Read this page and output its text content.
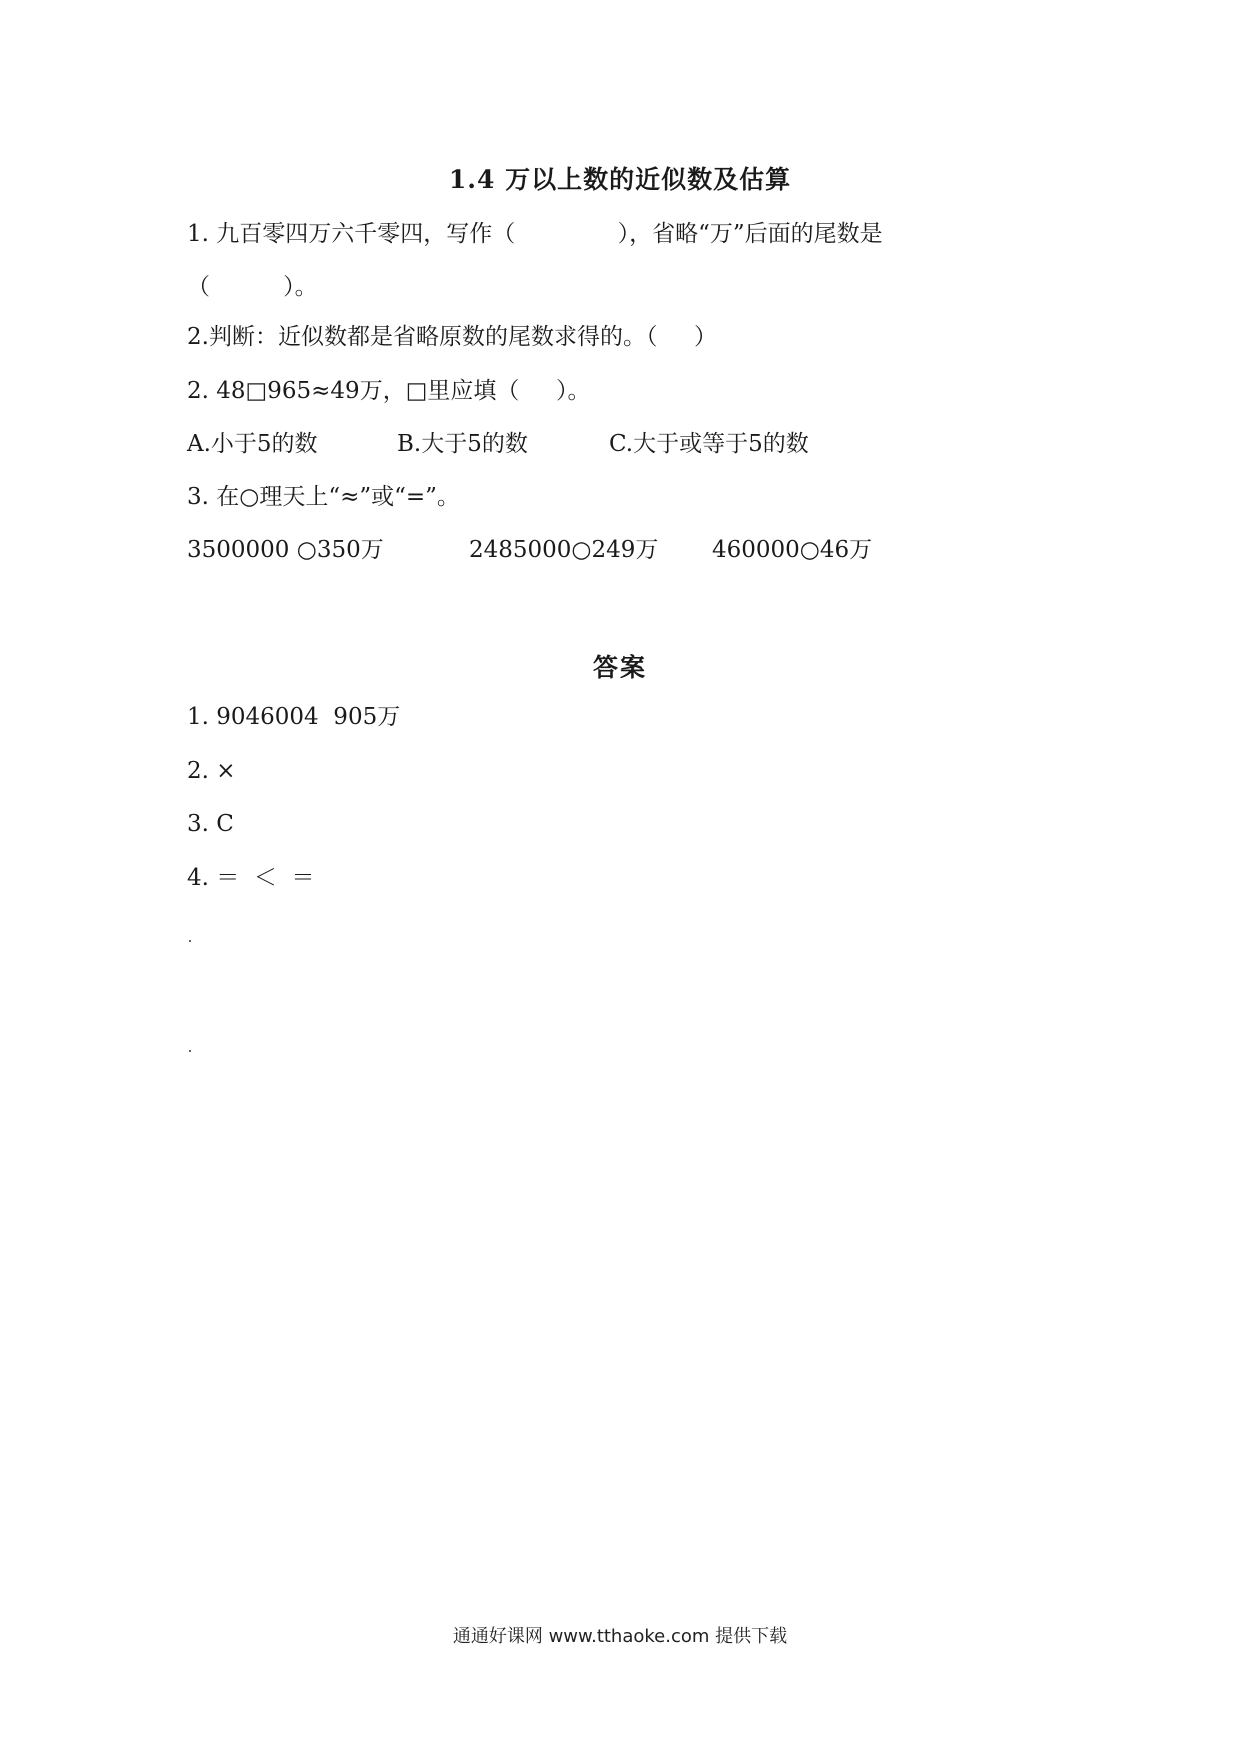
1.4 万以上数的近似数及估算
1. 九百零四万六千零四，写作（	），省略“万”后面的尾数是
（	）。
2.判断：近似数都是省略原数的尾数求得的。（ ）
2. 48□965≈49万，□里应填（ ）。
A.小于5的数	B.大于5的数	C.大于或等于5的数
3. 在○理天上“≈”或“=”。
3500000 ○350万	2485000○249万 460000○46万
答案
1. 9046004  905万
2. ×
3. C
4. ＝  ＜  ＝
通通好课网 www.tthaoke.com 提供下载
